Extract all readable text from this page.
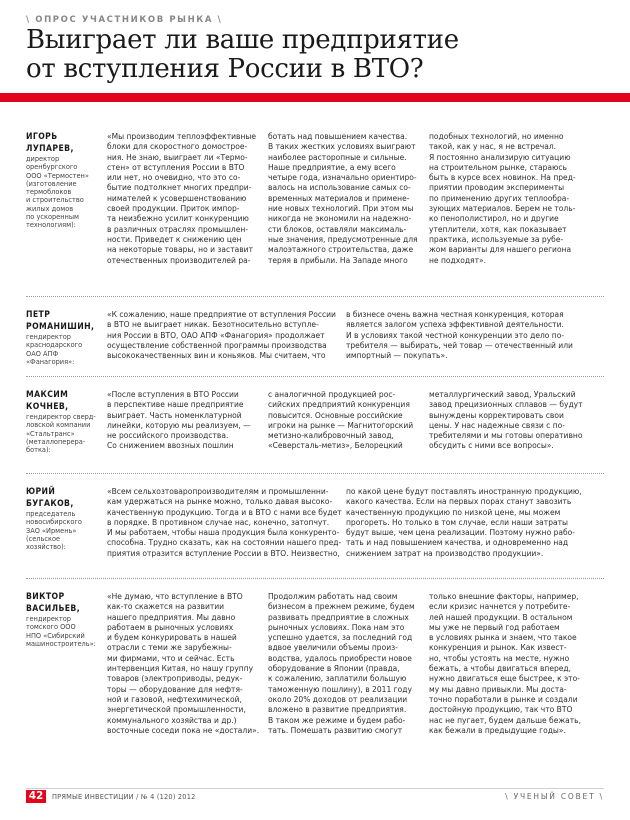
\ ОПРОС УЧАСТНИКОВ РЫНКА \
Выиграет ли ваше предприятие
от вступления России в ВТО?
ИГОРЬ
ЛУПАРЕВ,
директор
оренбургского
ООО «Термостен»
(изготовление
термоблоков
и строительство
жилых домов
по ускоренным
технологиям):
«Мы производим теплоэффективные
блоки для скоростного домострое-
ния. Не знаю, выиграет ли «Термо-
стен» от вступления России в ВТО
или нет, но очевидно, что это со-
бытие подтолкнет многих предпри-
нимателей к усовершенствованию
своей продукции. Приток импор-
та неизбежно усилит конкуренцию
в различных отраслях промышлен-
ности. Приведет к снижению цен
на некоторые товары, но и заставит
отечественных производителей ра-
ботать над повышением качества.
В таких жестких условиях выиграют
наиболее расторопные и сильные.
Наше предприятие, а ему всего
четыре года, изначально ориентиро-
валось на использование самых со-
временных материалов и примене-
ние новых технологий. При этом мы
никогда не экономили на надежно-
сти блоков, оставляли максималь-
ные значения, предусмотренные для
малоэтажного строительства, даже
теряя в прибыли. На Западе много
подобных технологий, но именно
такой, как у нас, я не встречал.
Я постоянно анализирую ситуацию
на строительном рынке, стараюсь
быть в курсе всех новинок. На пред-
приятии проводим эксперименты
по применению других теплообра-
зующих материалов. Берем не толь-
ко пенополистирол, но и другие
утеплители, хотя, как показывает
практика, используемые за рубе-
жом варианты для нашего региона
не подходят».
ПЕТР
РОМАНИШИН,
гендиректор
краснодарского
ОАО АПФ
«Фанагория»:
«К сожалению, наше предприятие от вступления России
в ВТО не выиграет никак. Безотносительно вступле-
ния России в ВТО, ОАО АПФ «Фанагория» продолжает
осуществление собственной программы производства
высококачественных вин и коньяков. Мы считаем, что
в бизнесе очень важна честная конкуренция, которая
является залогом успеха эффективной деятельности.
И в условиях такой честной конкуренции это дело по-
требителя — выбирать, чей товар — отечественный или
импортный — покупать».
МАКСИМ
КОЧНЕВ,
гендиректор сверд-
ловской компании
«Стальтранс»
(металлоперера-
ботка):
«После вступления в ВТО России
в перспективе наше предприятие
выиграет. Часть номенклатурной
линейки, которую мы реализуем, —
не российского производства.
Со снижением ввозных пошлин
с аналогичной продукцией рос-
сийских предприятий конкуренция
повысится. Основные российские
игроки на рынке — Магнитогорский
метизно-калибровочный завод,
«Северсталь-метиз», Белорецкий
металлургический завод, Уральский
завод прецизионных сплавов — будут
вынуждены корректировать свои
цены. У нас надежные связи с по-
требителями и мы готовы оперативно
обсудить с ними все вопросы».
ЮРИЙ
БУГАКОВ,
председатель
новосибирского
ЗАО «Ирмень»
(сельское
хозяйство):
«Всем сельхозтоваропроизводителям и промышленни-
кам удержаться на рынке можно, только давая высоко-
качественную продукцию. Тогда и в ВТО с нами все будет
в порядке. В противном случае нас, конечно, затопчут.
И мы работаем, чтобы наша продукция была конкуренто-
способна. Трудно сказать, как на состоянии нашего пред-
приятия отразится вступление России в ВТО. Неизвестно,
по какой цене будут поставлять иностранную продукцию,
какого качества. Если на первых порах станут завозить
качественную продукцию по низкой цене, мы можем
прогореть. Но только в том случае, если наши затраты
будут выше, чем цена реализации. Поэтому нужно рабо-
тать и над повышением качества, и одновременно над
снижением затрат на производство продукции».
ВИКТОР
ВАСИЛЬЕВ,
гендиректор
томского ООО
НПО «Сибирский
машиностроитель»:
«Не думаю, что вступление в ВТО
как-то скажется на развитии
нашего предприятия. Мы давно
работаем в рыночных условиях
и будем конкурировать в нашей
отрасли с теми же зарубежны-
ми фирмами, что и сейчас. Есть
интервенция Китая, но нашу группу
товаров (электроприводы, редук-
торы — оборудование для нефтя-
ной и газовой, нефтехимической,
энергетической промышленности,
коммунального хозяйства и др.)
восточные соседи пока не «достали».
Продолжим работать над своим
бизнесом в прежнем режиме, будем
развивать предприятие в сложных
рыночных условиях. Пока нам это
успешно удается, за последний год
вдвое увеличили объемы произ-
водства, удалось приобрести новое
оборудование в Японии (правда,
к сожалению, заплатили большую
таможенную пошлину), в 2011 году
около 20% доходов от реализации
вложено в развитие предприятия.
В таком же режиме и будем рабо-
тать. Помешать развитию смогут
только внешние факторы, например,
если кризис начнется у потребите-
лей нашей продукции. В остальном
мы уже не первый год работаем
в условиях рынка и знаем, что такое
конкуренция и рынок. Как извест-
но, чтобы устоять на месте, нужно
бежать, а чтобы двигаться вперед,
нужно двигаться еще быстрее, к это-
му мы давно привыкли. Мы доста-
точно поработали в рынке и создали
достойную продукцию, так что ВТО
нас не пугает, будем дальше бежать,
как бежали в предыдущие годы».
42	ПРЯМЫЕ ИНВЕСТИЦИИ / № 4 (120) 2012	\ УЧЕНЫЙ СОВЕТ \
